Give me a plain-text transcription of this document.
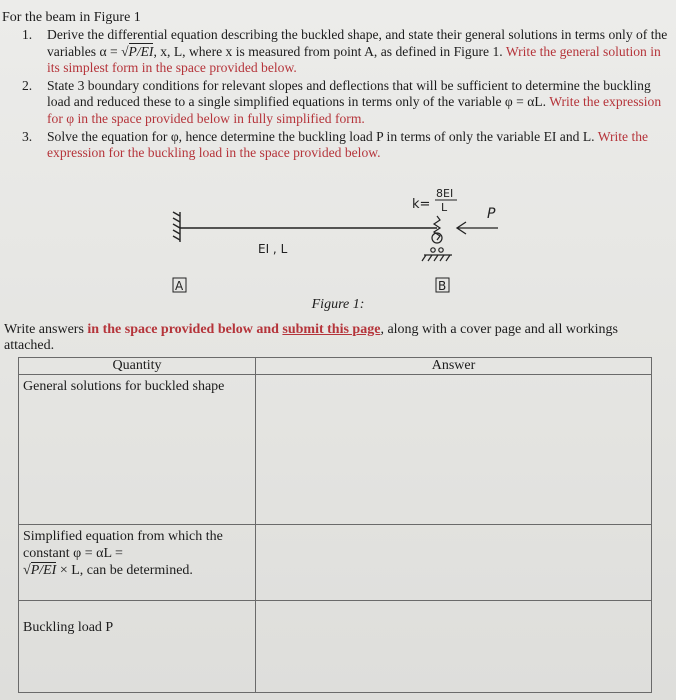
For the beam in Figure 1
1. Derive the differential equation describing the buckled shape, and state their general solutions in terms only of the variables α = √P/EI, x, L, where x is measured from point A, as defined in Figure 1. Write the general solution in its simplest form in the space provided below.
2. State 3 boundary conditions for relevant slopes and deflections that will be sufficient to determine the buckling load and reduced these to a single simplified equations in terms only of the variable φ = αL. Write the expression for φ in the space provided below in fully simplified form.
3. Solve the equation for φ, hence determine the buckling load P in terms of only the variable EI and L. Write the expression for the buckling load in the space provided below.
EI , L
k=
8EI
L	P
A	B
Figure 1:
Write answers in the space provided below and submit this page, along with a cover page and all workings attached.
Quantity	Answer
General solutions for buckled shape	
Simplified equation from which the constant φ = αL =
√P/EI × L, can be determined.	
Buckling load P	
